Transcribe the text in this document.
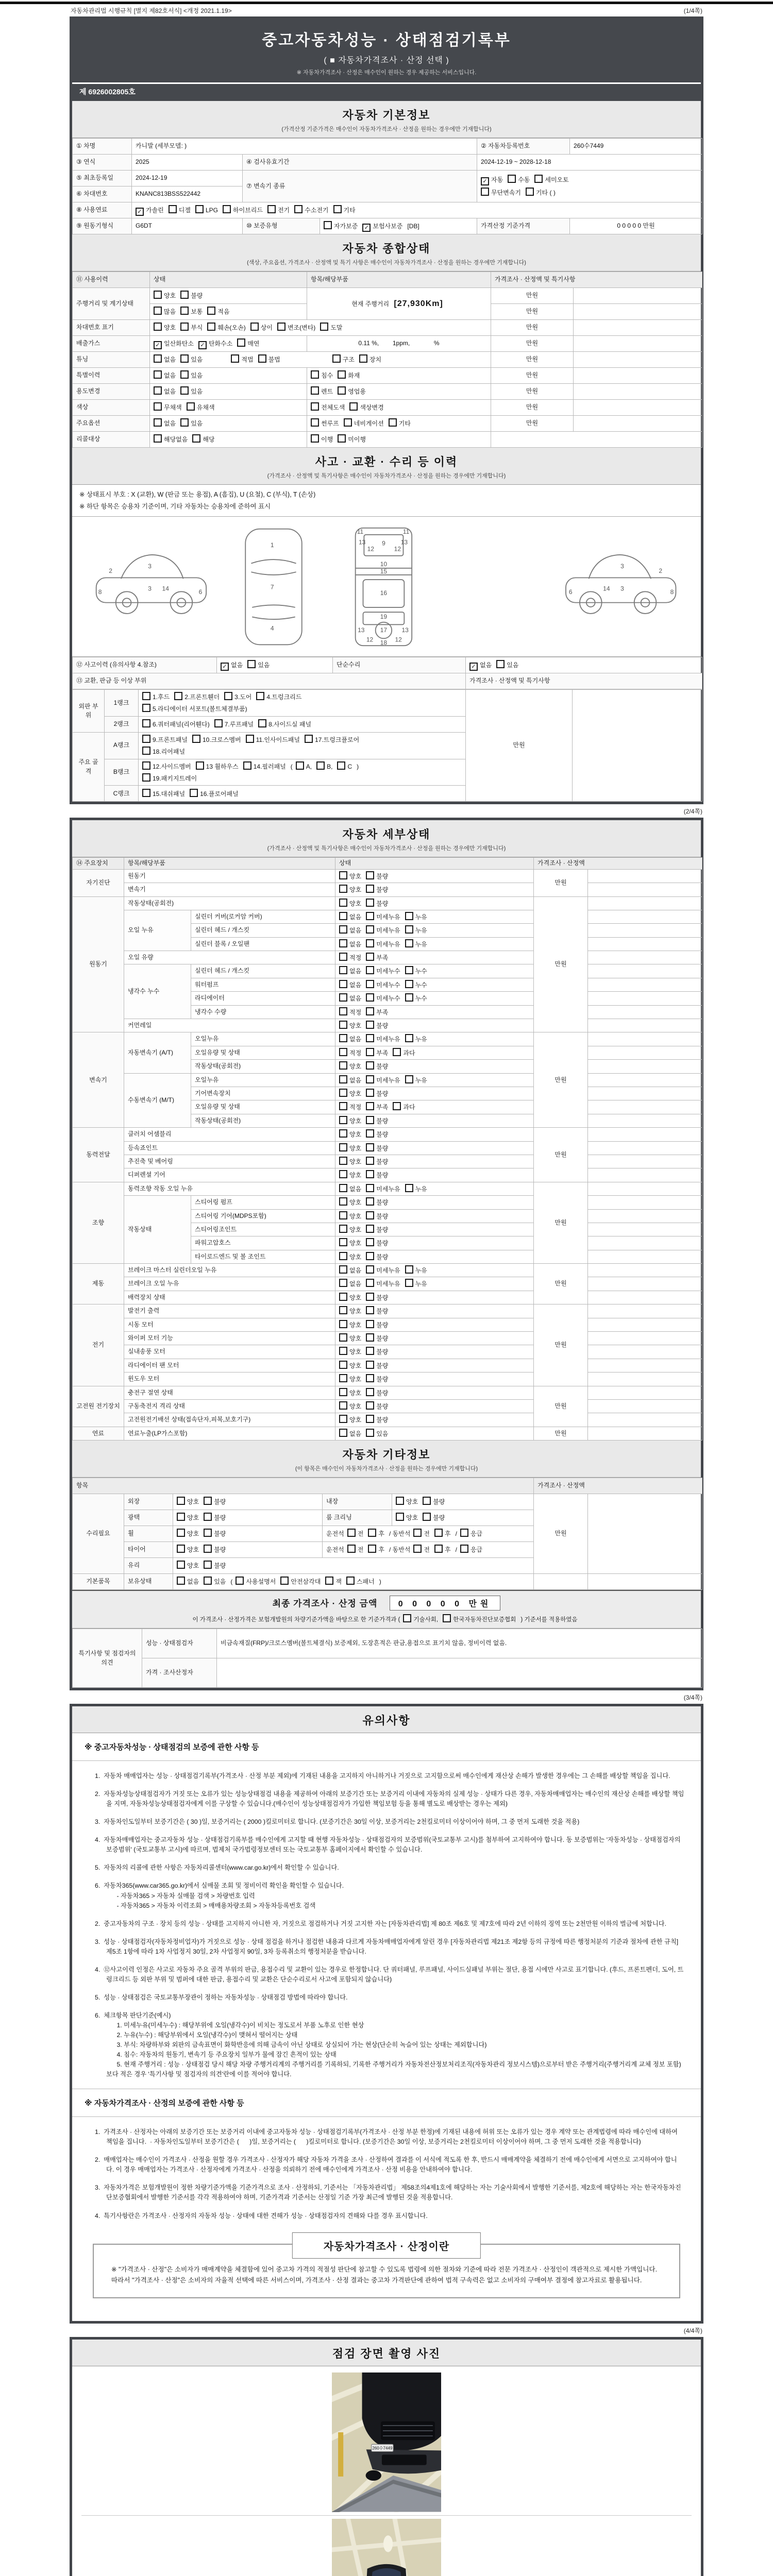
자동차관리법 시행규칙 [별지 제82호서식] <개정 2021.1.19>	(1/4쪽)
중고자동차성능 · 상태점검기록부
( ■ 자동차가격조사 · 산정 선택 )
※ 자동차가격조사 · 산정은 매수인이 원하는 경우 제공하는 서비스입니다.
제 6926002805호
자동차 기본정보
(가격산정 기준가격은 매수인이 자동차가격조사 · 산정을 원하는 경우에만 기재합니다)
① 차명	카니발 (세부모델: )			② 자동차등록번호	260수7449
③ 연식	2025	④ 검사유효기간		2024-12-19 ~ 2028-12-18	
⑤ 최초등록일	2024-12-19	⑦ 변속기 종류		✓ 자동 수동 세미오토
무단변속기 기타 ( )	
⑥ 차대번호	KNANC813BSS522442				
⑧ 사용연료	✓ 가솔린 디젤 LPG 하이브리드 전기 수소전기 기타				
⑨ 원동기형식	G6DT	⑩ 보증유형	자가보증 ✓ 보험사보증 [DB]	가격산정 기준가격	0 0 0 0 0 만원
자동차 종합상태
(색상, 주요옵션, 가격조사 · 산정액 및 특기 사항은 매수인이 자동차가격조사 · 산정을 원하는 경우에만 기재합니다)
⑪ 사용이력	상태	항목/해당부품	가격조사 · 산정액 및 특기사항	
주행거리 및 계기상태	양호 불량	현재 주행거리 [27,930Km]	만원	
	많음 보통 적음		만원	
차대번호 표기	양호 부식 훼손(오손) 상이 변조(변타) 도말		만원	
배출가스	✓ 일산화탄소 ✓ 탄화수소 매연	0.11 %,        1ppm,              %	만원	
튜닝	없음 있음 적법 불법 구조 장치		만원	
특별이력	없음 있음	침수 화재	만원	
용도변경	없음 있음	렌트 영업용	만원	
색상	무채색 유채색	전체도색 색상변경	만원	
주요옵션	없음 있음	썬루프 네비게이션 기타	만원	
리콜대상	해당없음 해당	이행 미이행		
사고 · 교환 · 수리 등 이력
(가격조사 · 산정액 및 특기사항은 매수인이 자동차가격조사 · 산정을 원하는 경우에만 기재합니다)
※ 상태표시 부호 : X (교환), W (판금 또는 용접), A (흠집), U (요철), C (부식), T (손상)
※ 하단 항목은 승용차 기준이며, 기타 자동차는 승용차에 준하여 표시
2
3
14
3
8	6
1
7
4
11	11
13	13
12	12
9
10
15
16
19
13	13
12	12
17
18
2
3
14 3	8
6
⑫ 사고이력 (유의사항 4.참조)	✓ 없음 있음	단순수리	✓ 없음 있음
⑬ 교환, 판금 등 이상 부위			가격조사 · 산정액 및 특기사항
외판 부위	1랭크	1.후드 2.프론트휀더 3.도어 4.트렁크리드
5.라디에이터 서포트(볼트체결부품)	만원	
	2랭크	6.쿼터패널(리어휀다) 7.루프패널 8.사이드실 패널		
주요 골격	A랭크	9.프론트패널 10.크로스멤버 11.인사이드패널 17.트렁크플로어
18.리어패널		
	B랭크	12.사이드멤버 13 휠하우스 14.필러패널 ( A, B, C )
19.패키지트레이		
	C랭크	15.대쉬패널 16.플로어패널		
(2/4쪽)
자동차 세부상태
(가격조사 · 산정액 및 특기사항은 매수인이 자동차가격조사 · 산정을 원하는 경우에만 기재합니다)
⑭ 주요장치	항목/해당부품		상태	가격조사 · 산정액	
자기진단	원동기		양호 불량	만원	
	변속기		양호 불량		
원동기	작동상태(공회전)		양호 불량	만원	
	오일 누유	실린더 커버(로커암 커버)	없음 미세누유 누유		
		실린더 헤드 / 개스킷	없음 미세누유 누유		
		실린더 블록 / 오일팬	없음 미세누유 누유		
	오일 유량		적정 부족		
	냉각수 누수	실린더 헤드 / 개스킷	없음 미세누수 누수		
		워터펌프	없음 미세누수 누수		
		라디에이터	없음 미세누수 누수		
		냉각수 수량	적정 부족		
	커먼레일		양호 불량		
변속기	자동변속기 (A/T)	오일누유	없음 미세누유 누유	만원	
		오일유량 및 상태	적정 부족 과다		
		작동상태(공회전)	양호 불량		
	수동변속기 (M/T)	오일누유	없음 미세누유 누유		
		기어변속장치	양호 불량		
		오일유량 및 상태	적정 부족 과다		
		작동상태(공회전)	양호 불량		
동력전달	클러치 어셈블리		양호 불량	만원	
	등속죠인트		양호 불량		
	추진축 및 베어링		양호 불량		
	디퍼렌셜 기어		양호 불량		
조향	동력조향 작동 오일 누유		없음 미세누유 누유	만원	
	작동상태	스티어링 펌프	양호 불량		
		스티어링 기어(MDPS포함)	양호 불량		
		스티어링조인트	양호 불량		
		파워고압호스	양호 불량		
		타이로드엔드 및 볼 조인트	양호 불량		
제동	브레이크 마스터 실린더오일 누유		없음 미세누유 누유	만원	
	브레이크 오일 누유		없음 미세누유 누유		
	배력장치 상태		양호 불량		
전기	발전기 출력		양호 불량	만원	
	시동 모터		양호 불량		
	와이퍼 모터 기능		양호 불량		
	실내송풍 모터		양호 불량		
	라디에이터 팬 모터		양호 불량		
	윈도우 모터		양호 불량		
고전원 전기장치	충전구 절연 상태		양호 불량	만원	
	구동축전지 격리 상태		양호 불량		
	고전원전기배선 상태(접속단자,피복,보호기구)		양호 불량		
연료	연료누출(LP가스포함)		없음 있음	만원	
자동차 기타정보
(이 항목은 매수인이 자동차가격조사 · 산정을 원하는 경우에만 기재합니다)
항목					가격조사 · 산정액	
수리필요	외장	양호 불량	내장	양호 불량	만원	
	광택	양호 불량	룸 크리닝	양호 불량		
	휠	양호 불량	운전석 전 후 / 동반석 전 후 / 응급			
	타이어	양호 불량	운전석 전 후 / 동반석 전 후 / 응급			
	유리	양호 불량				
기본품목	보유상태	없음 있음 ( 사용설명서 안전삼각대 잭 스패너 )				
최종 가격조사 · 산정 금액	0 0 0 0 0 만원
이 가격조사 · 산정가격은 보험개발원의 차량기준가액을 바탕으로 한 기준가격과 ( 기술사회,	한국자동차진단보증협회 ) 기준서를 적용하였음
특기사항 및 점검자의 의견	성능 · 상태점검자	비금속재질(FRP)/크로스멤버(볼트체결식) 보증제외, 도장흔적은 판금,용접으로 표기치 않음, 정비이력 없음.
	가격 · 조사산정자	
(3/4쪽)
유의사항
※ 중고자동차성능 · 상태점검의 보증에 관한 사항 등
1.  자동차 매매업자는 성능 · 상태점검기록부(가격조사 · 산정 부분 제외)에 기재된 내용을 고지하지 아니하거나 거짓으로 고지함으로써 매수인에게 재산상 손해가 발생한 경우에는 그 손해를 배상할 책임을 집니다.
2.  자동차성능상태점검자가 거짓 또는 오류가 있는 성능상태점검 내용을 제공하여 아래의 보증기간 또는 보증거리 이내에 자동차의 실제 성능 · 상태가 다른 경우, 자동차매매업자는 매수인의 재산상 손해를 배상할 책임을 지며, 자동차성능상태점검자에게 이를 구상할 수 있습니다.(매수인이 성능상태점검자가 가입한 책임보험 등을 통해 별도로 배상받는 경우는 제외)
3.  자동차인도일부터 보증기간은 ( 30 )일, 보증거리는 ( 2000 )킬로미터로 합니다. (보증기간은 30일 이상, 보증거리는 2천킬로미터 이상이어야 하며, 그 중 먼저 도래한 것을 적용)
4.  자동차매매업자는 중고자동차 성능 · 상태점검기록부를 매수인에게 고지할 때 현행 자동차성능 · 상태점검자의 보증범위(국토교통부 고시)를 첨부하여 고지하여야 합니다. 동 보증범위는 '자동차성능 · 상태점검자의 보증범위' (국토교통부 고시)에 따르며, 법제처 국가법령정보센터 또는 국토교통부 홈페이지에서 확인할 수 있습니다.
5.  자동차의 리콜에 관한 사항은 자동차리콜센터(www.car.go.kr)에서 확인할 수 있습니다.
6.  자동차365(www.car365.go.kr)에서 실매물 조회 및 정비이력 확인을 확인할 수 있습니다.
- 자동차365 > 자동차 실매물 검색 > 차량번호 입력
- 자동차365 > 자동차 이력조회 > 매매용차량조회 > 자동차등록번호 검색
2.  중고자동차의 구조 · 장치 등의 성능 · 상태를 고지하지 아니한 자, 거짓으로 점검하거나 거짓 고지한 자는 [자동차관리법] 제 80조 제6호 및 제7호에 따라 2년 이하의 징역 또는 2천만원 이하의 벌금에 처합니다.
3.  성능 · 상태점검자(자동차정비업자)가 거짓으로 성능 · 상태 점검을 하거나 점검한 내용과 다르게 자동차매매업자에게 알린 경우 [자동차관리법 제21조 제2항 등의 규정에 따른 행정처분의 기준과 절차에 관한 규칙] 제5조 1항에 따라 1차 사업정지 30일, 2차 사업정지 90일, 3차 등록취소의 행정처분을 받습니다.
4.  ⑫사고이력 인정은 사고로 자동차 주요 골격 부위의 판금, 용접수리 및 교환이 있는 경우로 한정합니다. 단 쿼터패널, 루프패널, 사이드실패널 부위는 절단, 용접 시에만 사고로 표기합니다. (후드, 프론트펜더, 도어, 트렁크리드 등 외판 부위 및 범퍼에 대한 판금, 용접수리 및 교환은 단순수리로서 사고에 포함되지 않습니다)
5.  성능 · 상태점검은 국토교통부장관이 정하는 자동차성능 · 상태점검 방법에 따라야 합니다.
6.  체크항목 판단기준(예시)
1. 미세누유(미세누수) : 해당부위에 오일(냉각수)이 비치는 정도로서 부품 노후로 인한 현상
2. 누유(누수) : 해당부위에서 오일(냉각수)이 맺혀서 떨어지는 상태
3. 부식: 차량하부와 외판의 금속표면이 화학반응에 의해 금속이 아닌 상태로 상실되어 가는 현상(단순히 녹슬어 있는 상태는 제외합니다)
4. 침수: 자동차의 원동기, 변속기 등 주요장치 일부가 물에 잠긴 흔적이 있는 상태
5. 현재 주행거리 : 성능 · 상태점검 당시 해당 차량 주행거리계의 주행거리를 기록하되, 기록한 주행거리가 자동차전산정보처리조직(자동차관리 정보시스템)으로부터 받은 주행거리(주행거리계 교체 정보 포함)보다 적은 경우 '특기사항 및 점검자의 의견'란에 이를 적어야 합니다.
※ 자동차가격조사 · 산정의 보증에 관한 사항 등
1.  가격조사 · 산정자는 아래의 보증기간 또는 보증거리 이내에 중고자동차 성능 · 상태점검기록부(가격조사 · 산정 부분 한정)에 기재된 내용에 허위 또는 오류가 있는 경우 계약 또는 관계법령에 따라 매수인에 대하여 책임을 집니다.  · 자동차인도일부터 보증기간은 (      )일, 보증거리는 (      )킬로미터로 합니다. (보증기간은 30일 이상, 보증거리는 2천킬로미터 이상이어야 하며, 그 중 먼저 도래한 것을 적용합니다)
2.  매매업자는 매수인이 가격조사 · 산정을 원할 경우 가격조사 · 산정자가 해당 자동차 가격을 조사 · 산정하여 결과를 이 서식에 적도록 한 후, 반드시 매매계약을 체결하기 전에 매수인에게 서면으로 고지하여야 합니다. 이 경우 매매업자는 가격조사 · 산정자에게 가격조사 · 산정을 의뢰하기 전에 매수인에게 가격조사 · 산정 비용을 안내하여야 합니다.
3.  자동차가격은 보험개발원이 정한 차량기준가액을 기준가격으로 조사 · 산정하되, 기준서는 「자동차관리법」 제58조의4제1호에 해당하는 자는 기술사회에서 발행한 기준서를, 제2호에 해당하는 자는 한국자동차진단보증협회에서 발행한 기준서를 각각 적용하여야 하며, 기준가격과 기준서는 산정일 기준 가장 최근에 발행된 것을 적용합니다.
4.  특기사항란은 가격조사 · 산정자의 자동차 성능 · 상태에 대한 견해가 성능 · 상태점검자의 견해와 다를 경우 표시합니다.
자동차가격조사 · 산정이란
※ "가격조사 · 산정"은 소비자가 매매계약을 체결함에 있어 중고차 가격의 적절성 판단에 참고할 수 있도록 법령에 의한 절차와 기준에 따라 전문 가격조사 · 산정인이 객관적으로 제시한 가액입니다. 따라서 "가격조사 · 산정"은 소비자의 자율적 선택에 따른 서비스이며, 가격조사 · 산정 결과는 중고차 가격판단에 관하여 법적 구속력은 없고 소비자의 구매여부 결정에 참고자료로 활용됩니다.
(4/4쪽)
점검 장면 촬영 사진
260수7449
